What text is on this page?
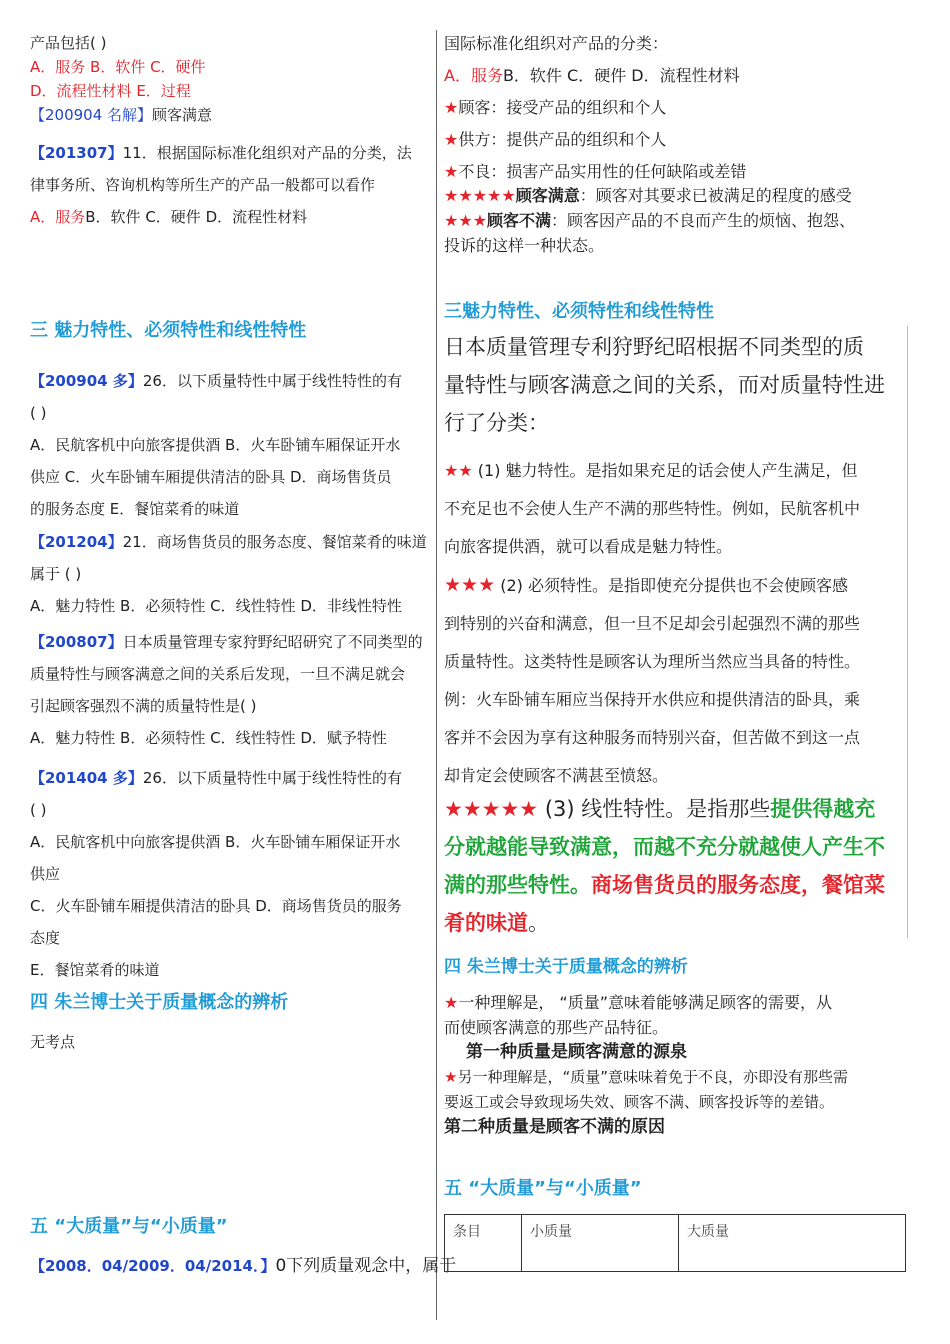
产品包括( )
A．服务 B．软件 C．硬件
D．流程性材料 E．过程
【200904 名解】顾客满意
【201307】11．根据国际标准化组织对产品的分类，法
律事务所、咨询机构等所生产的产品一般都可以看作
A．服务B．软件 C．硬件 D．流程性材料
三 魅力特性、必须特性和线性特性
【200904 多】26．以下质量特性中属于线性特性的有
( )
A．民航客机中向旅客提供酒 B．火车卧铺车厢保证开水
供应 C．火车卧铺车厢提供清洁的卧具 D．商场售货员
的服务态度 E．餐馆菜肴的味道
【201204】21．商场售货员的服务态度、餐馆菜肴的味道
属于 ( )
A．魅力特性 B．必须特性 C．线性特性 D．非线性特性
【200807】日本质量管理专家狩野纪昭研究了不同类型的
质量特性与顾客满意之间的关系后发现，一旦不满足就会
引起顾客强烈不满的质量特性是( )
A．魅力特性 B．必须特性 C．线性特性 D．赋予特性
【201404 多】26．以下质量特性中属于线性特性的有
( )
A．民航客机中向旅客提供酒 B．火车卧铺车厢保证开水
供应
C．火车卧铺车厢提供清洁的卧具 D．商场售货员的服务
态度
E．餐馆菜肴的味道
四 朱兰博士关于质量概念的辨析
无考点
五 “大质量”与“小质量”
【2008．04/2009．04/2014．】0下列质量观念中，属于
国际标准化组织对产品的分类：
A．服务B．软件 C．硬件 D．流程性材料
★顾客：接受产品的组织和个人
★供方：提供产品的组织和个人
★不良：损害产品实用性的任何缺陷或差错
★★★★★顾客满意：顾客对其要求已被满足的程度的感受
★★★顾客不满：顾客因产品的不良而产生的烦恼、抱怨、
投诉的这样一种状态。
三魅力特性、必须特性和线性特性
日本质量管理专利狩野纪昭根据不同类型的质
量特性与顾客满意之间的关系，而对质量特性进
行了分类：
★★ (1) 魅力特性。是指如果充足的话会使人产生满足，但
不充足也不会使人生产不满的那些特性。例如，民航客机中
向旅客提供酒，就可以看成是魅力特性。
★★★ (2) 必须特性。是指即使充分提供也不会使顾客感
到特别的兴奋和满意，但一旦不足却会引起强烈不满的那些
质量特性。这类特性是顾客认为理所当然应当具备的特性。
例：火车卧铺车厢应当保持开水供应和提供清洁的卧具，乘
客并不会因为享有这种服务而特别兴奋，但苦做不到这一点
却肯定会使顾客不满甚至愤怒。
★★★★★ (3) 线性特性。是指那些提供得越充
分就越能导致满意，而越不充分就越使人产生不
满的那些特性。商场售货员的服务态度，餐馆菜
肴的味道。
四 朱兰博士关于质量概念的辨析
★一种理解是， “质量”意味着能够满足顾客的需要，从
而使顾客满意的那些产品特征。
第一种质量是顾客满意的源泉
★另一种理解是，“质量”意味味着免于不良，亦即没有那些需
要返工或会导致现场失效、顾客不满、顾客投诉等的差错。
第二种质量是顾客不满的原因
五 “大质量”与“小质量”
条目	小质量	大质量
